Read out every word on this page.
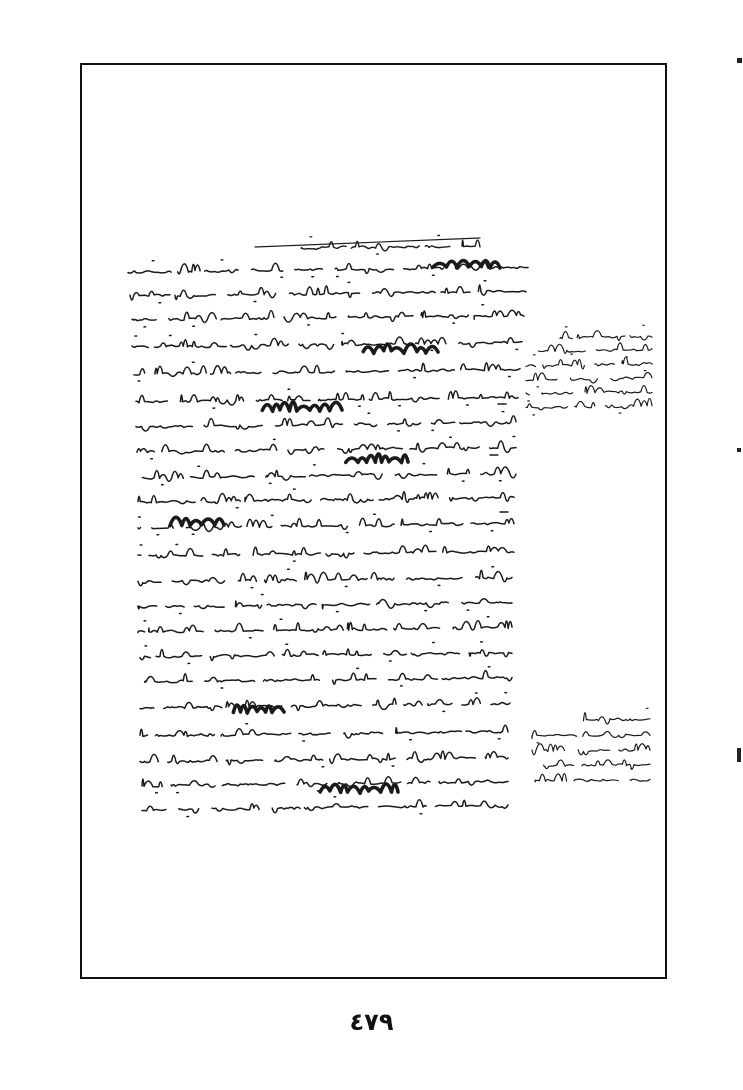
٤٧٩
